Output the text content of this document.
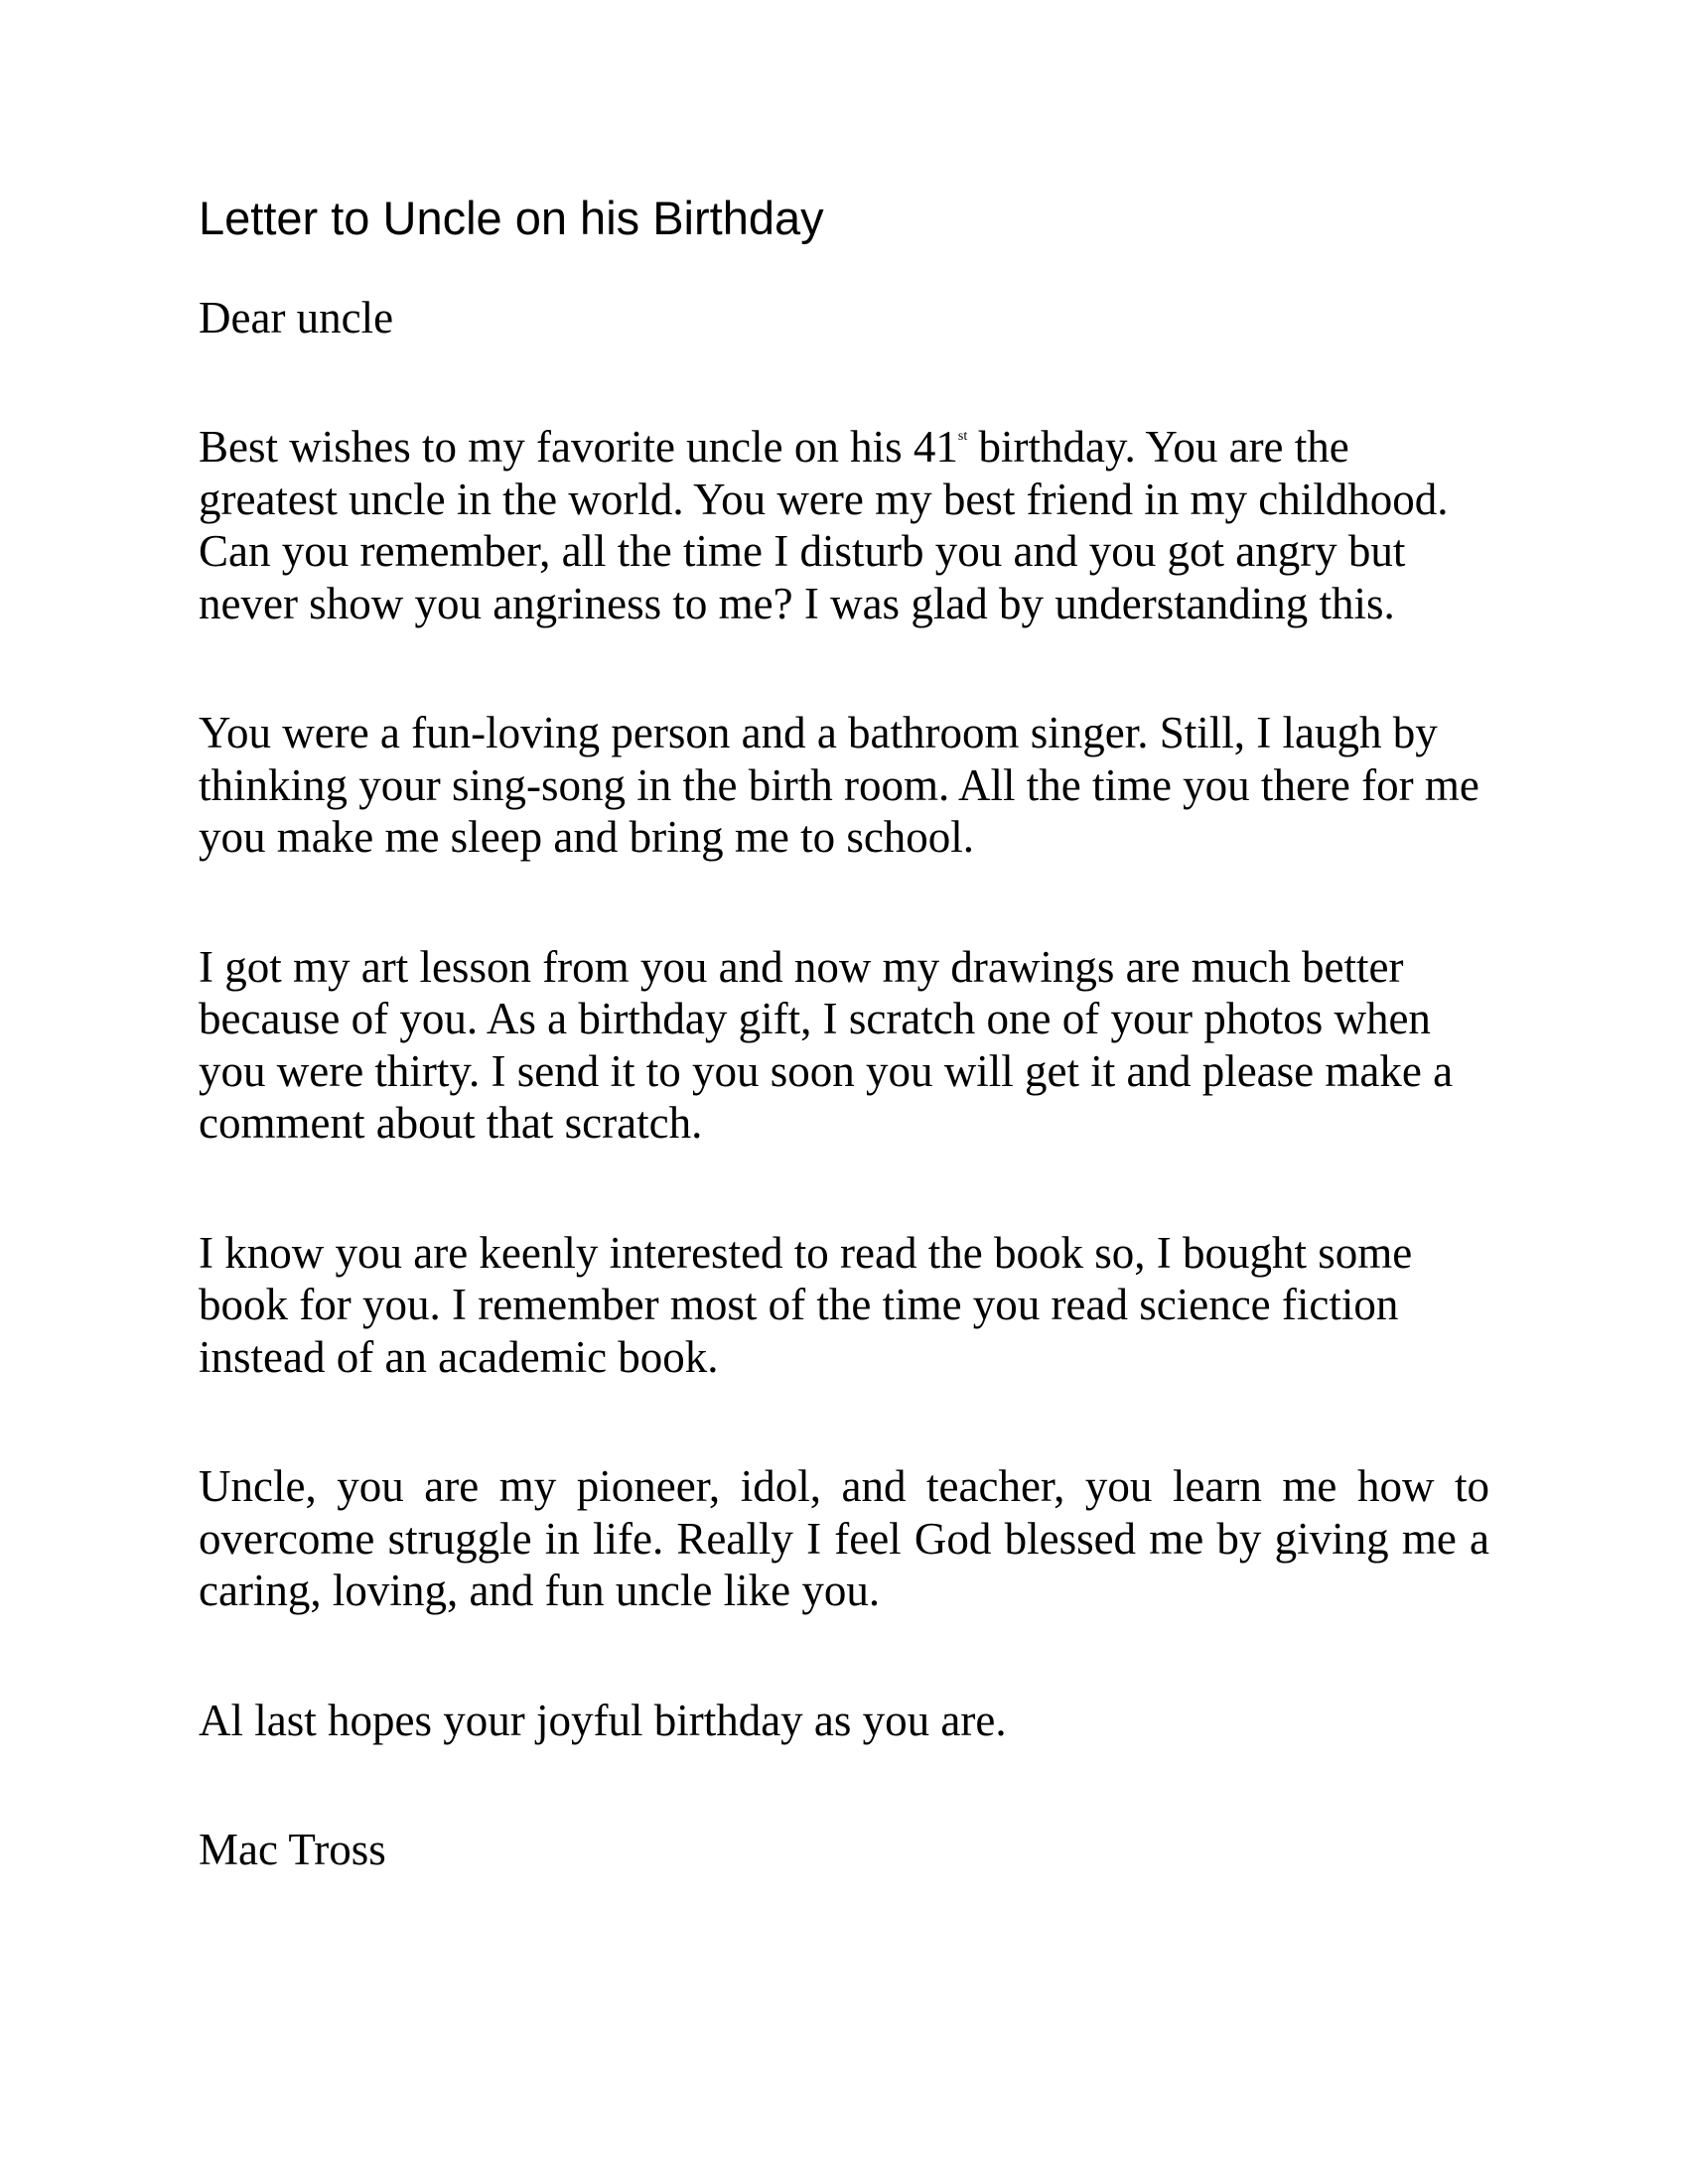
Letter to Uncle on his Birthday

Dear uncle

Best wishes to my favorite uncle on his 41st birthday. You are the greatest uncle in the world. You were my best friend in my childhood. Can you remember, all the time I disturb you and you got angry but never show you angriness to me? I was glad by understanding this.

You were a fun-loving person and a bathroom singer. Still, I laugh by thinking your sing-song in the birth room. All the time you there for me you make me sleep and bring me to school.

I got my art lesson from you and now my drawings are much better because of you. As a birthday gift, I scratch one of your photos when you were thirty. I send it to you soon you will get it and please make a comment about that scratch.

I know you are keenly interested to read the book so, I bought some book for you. I remember most of the time you read science fiction instead of an academic book.

Uncle, you are my pioneer, idol, and teacher, you learn me how to overcome struggle in life. Really I feel God blessed me by giving me a caring, loving, and fun uncle like you.

Al last hopes your joyful birthday as you are.

Mac Tross
